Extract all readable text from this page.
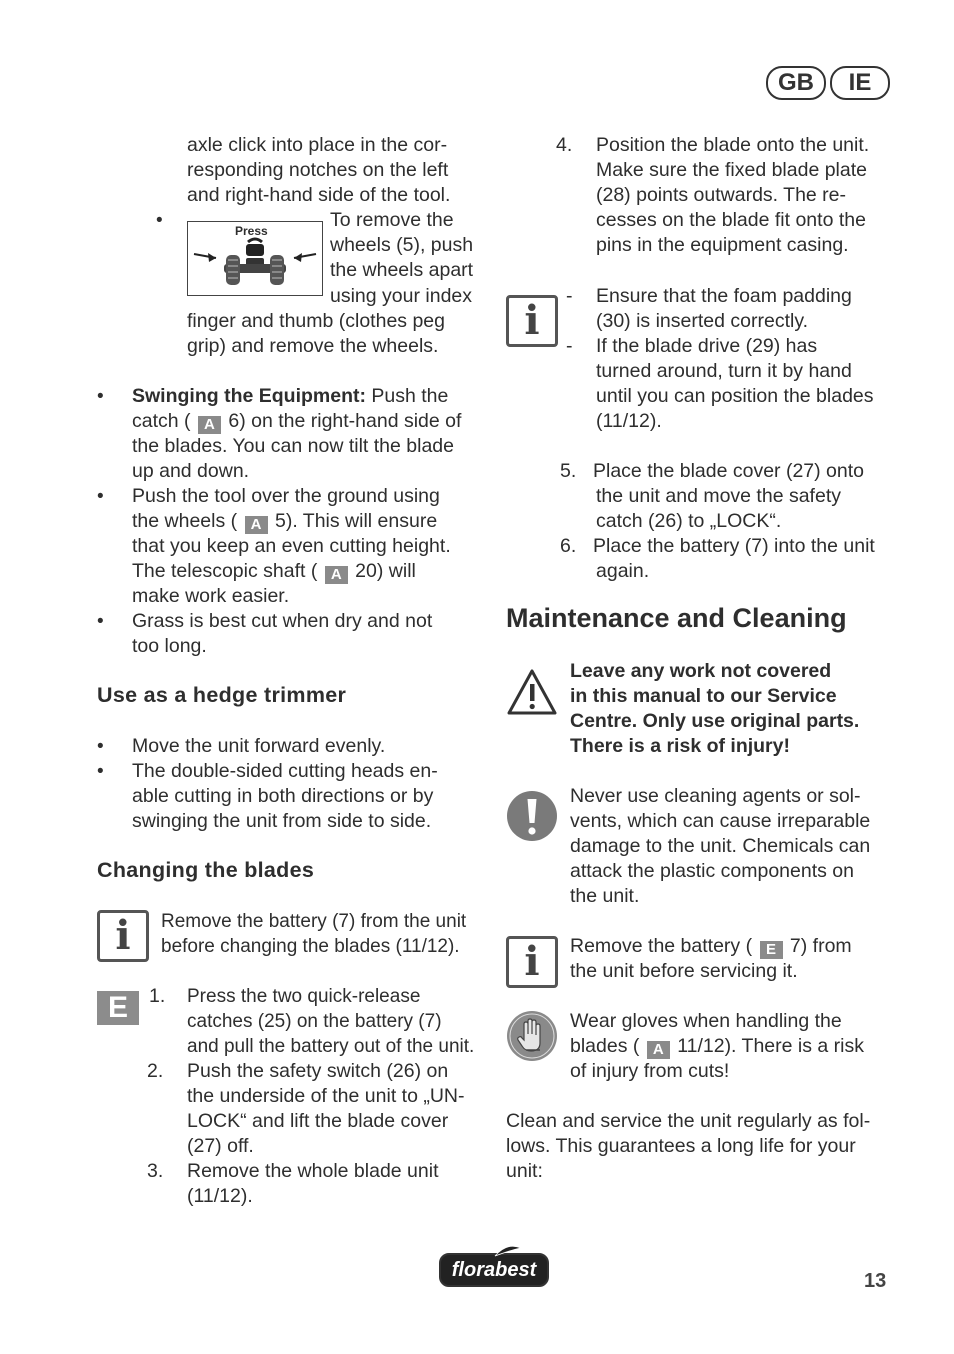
GB	IE
axle click into place in the cor-
responding notches on the left
and right-hand side of the tool.
•	Press	To remove the
wheels (5), push
the wheels apart
using your index
finger and thumb (clothes peg
grip) and remove the wheels.
• Swinging the Equipment: Push the
catch ( A 6) on the right-hand side of
the blades. You can now tilt the blade
up and down.
• Push the tool over the ground using
the wheels ( A 5). This will ensure
that you keep an even cutting height.
The telescopic shaft ( A 20) will
make work easier.
• Grass is best cut when dry and not
too long.
Use as a hedge trimmer
• Move the unit forward evenly.
• The double-sided cutting heads en-
able cutting in both directions or by
swinging the unit from side to side.
Changing the blades
i	Remove the battery (7) from the unit
before changing the blades (11/12).
E	1. Press the two quick-release
catches (25) on the battery (7)
and pull the battery out of the unit.
2. Push the safety switch (26) on
the underside of the unit to „UN-
LOCK“ and lift the blade cover
(27) off.
3. Remove the whole blade unit
(11/12).
4. Position the blade onto the unit.
Make sure the fixed blade plate
(28) points outwards. The re-
cesses on the blade fit onto the
pins in the equipment casing.
i
- Ensure that the foam padding
(30) is inserted correctly.
- If the blade drive (29) has
turned around, turn it by hand
until you can position the blades
(11/12).
5. Place the blade cover (27) onto
the unit and move the safety
catch (26) to „LOCK“.
6. Place the battery (7) into the unit
again.
Maintenance and Cleaning
Leave any work not covered
in this manual to our Service
Centre. Only use original parts.
There is a risk of injury!
Never use cleaning agents or sol-
vents, which can cause irreparable
damage to the unit. Chemicals can
attack the plastic components on
the unit.
i	Remove the battery ( E 7) from
the unit before servicing it.
Wear gloves when handling the
blades ( A 11/12). There is a risk
of injury from cuts!
Clean and service the unit regularly as fol-
lows. This guarantees a long life for your
unit:
florabest	13
